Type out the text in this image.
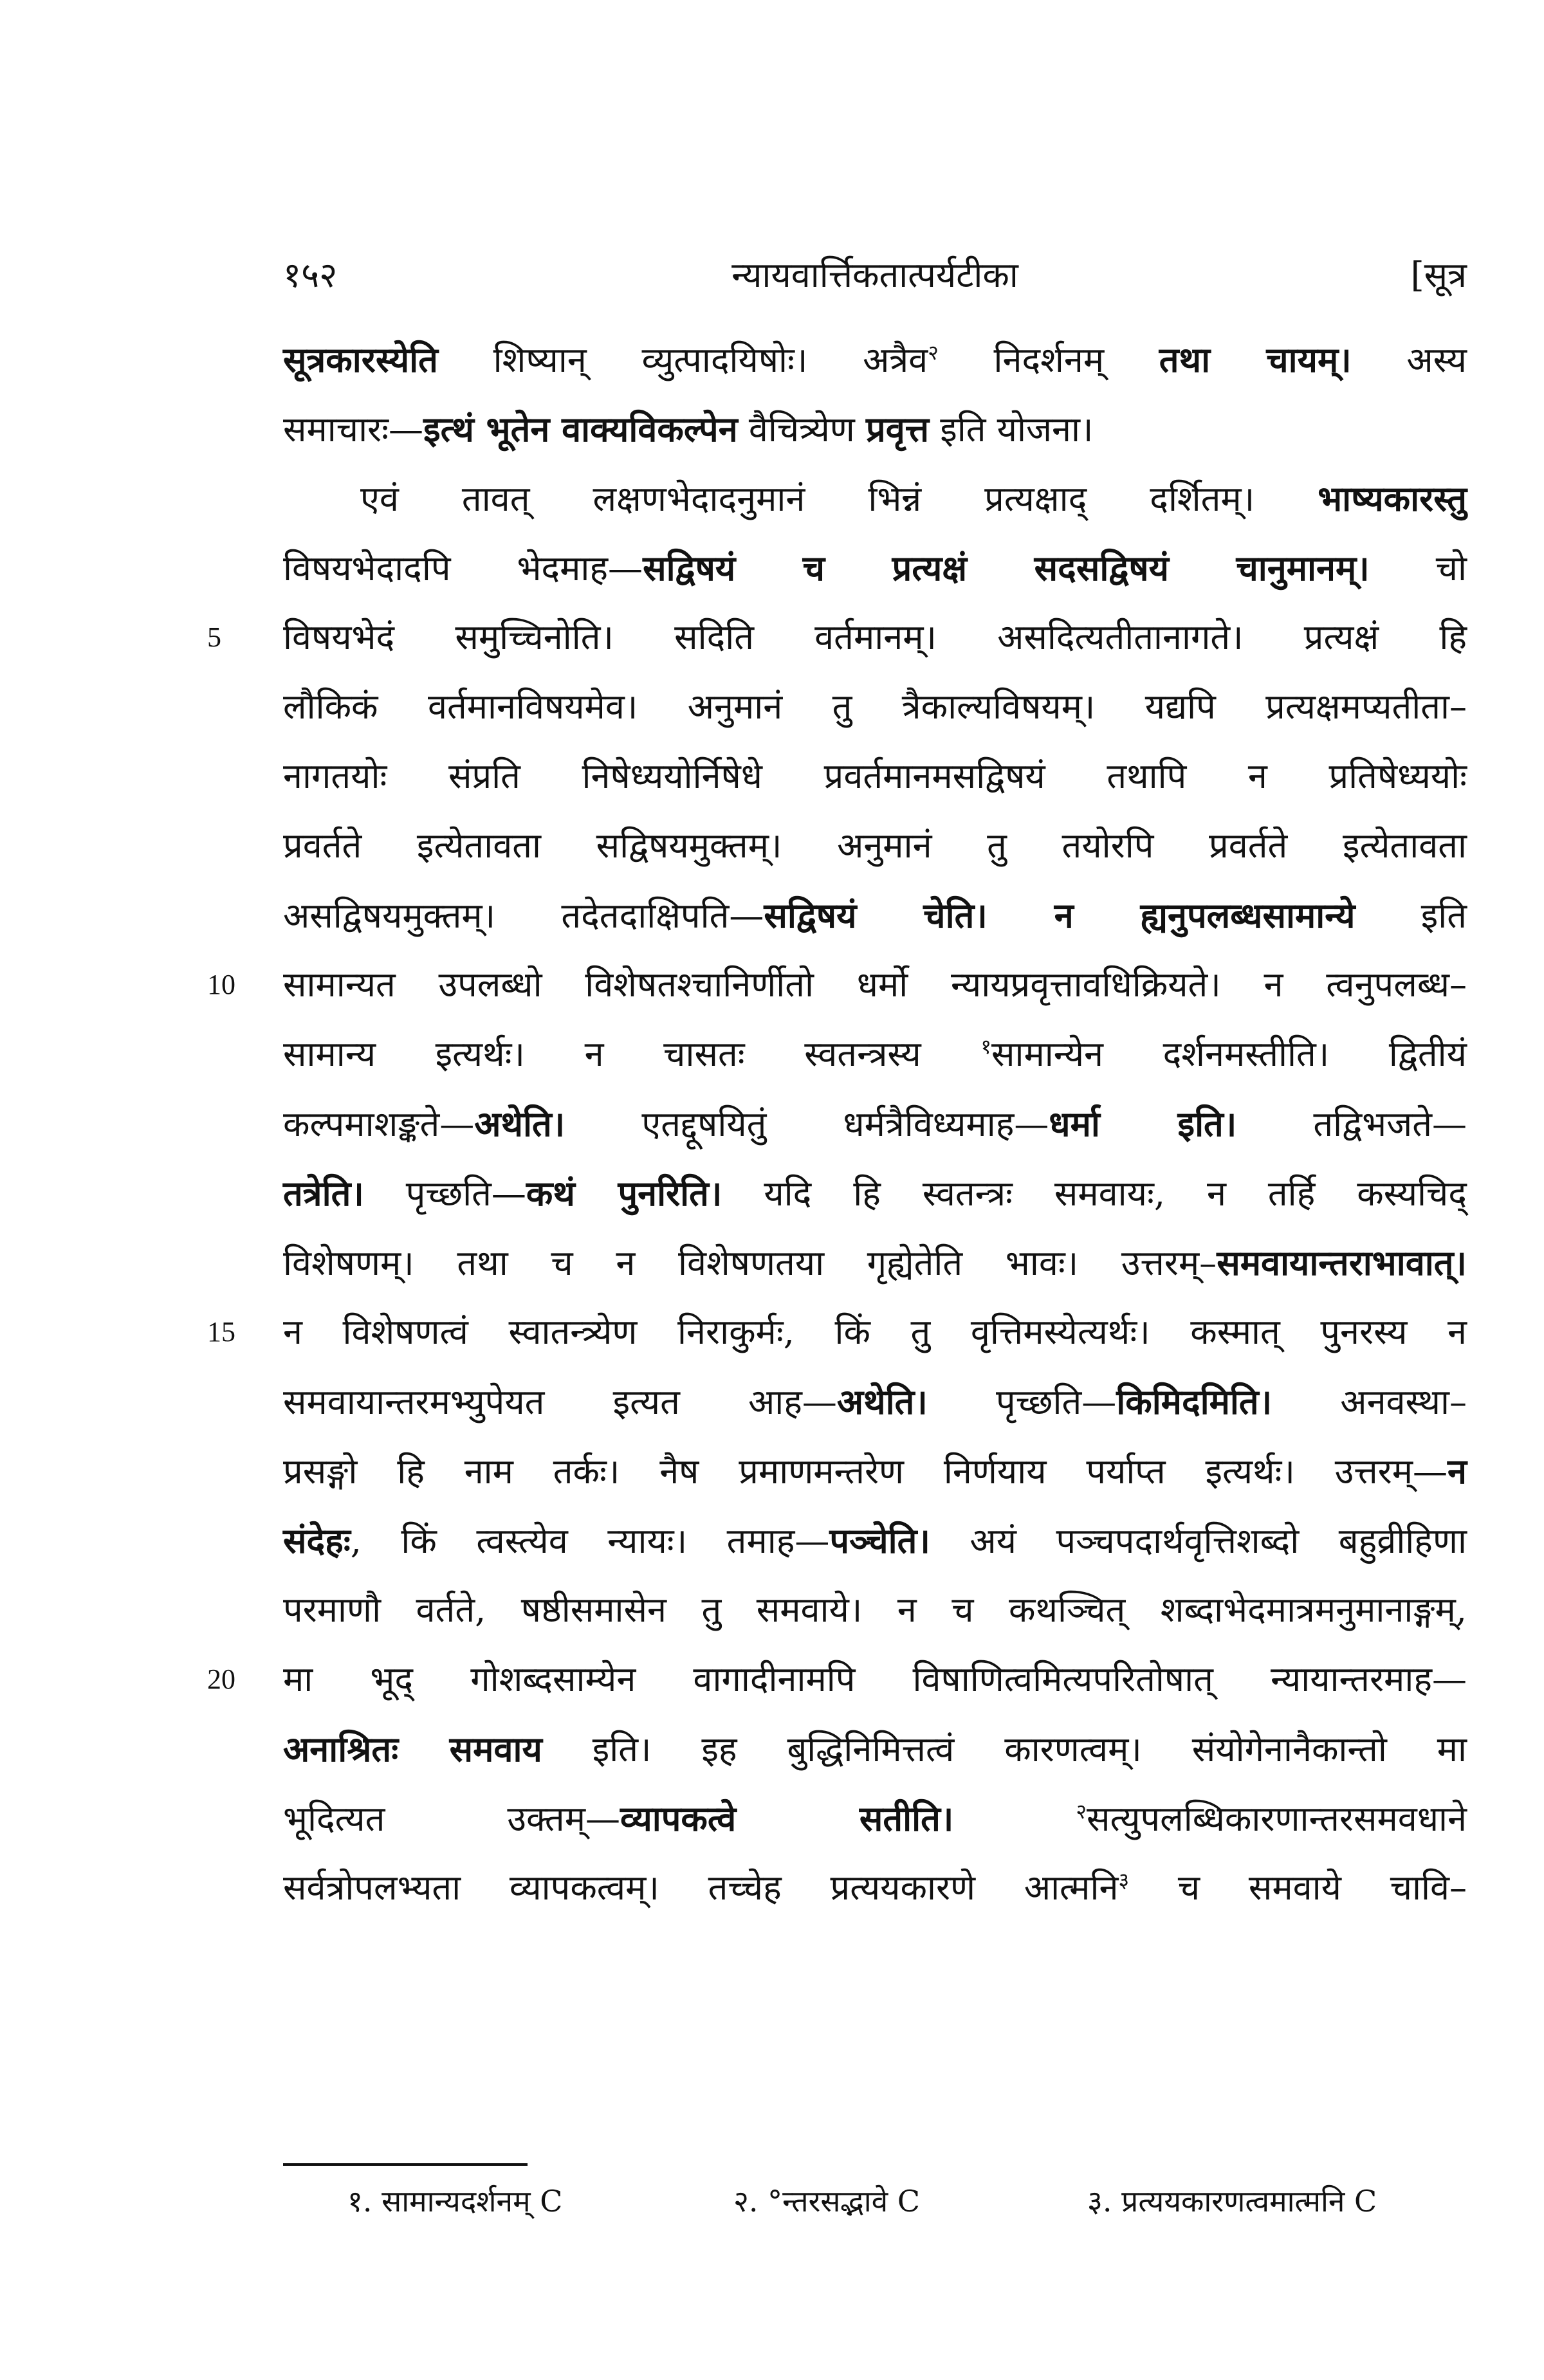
१५२	न्यायवार्त्तिकतात्पर्यटीका	[सूत्र
सूत्रकारस्येति शिष्यान् व्युत्पादयिषोः। अत्रैव$^२$ निदर्शनम् तथा चायम्। अस्य
समाचारः—इत्थं भूतेन वाक्यविकल्पेन वैचित्र्येण प्रवृत्त इति योजना।
एवं तावत् लक्षणभेदादनुमानं भिन्नं प्रत्यक्षाद् दर्शितम्। भाष्यकारस्तु
विषयभेदादपि भेदमाह—सद्विषयं च प्रत्यक्षं सदसद्विषयं चानुमानम्। चो
5	विषयभेदं समुच्चिनोति। सदिति वर्तमानम्। असदित्यतीतानागते। प्रत्यक्षं हि
लौकिकं वर्तमानविषयमेव। अनुमानं तु त्रैकाल्यविषयम्। यद्यपि प्रत्यक्षमप्यतीता–
नागतयोः संप्रति निषेध्ययोर्निषेधे प्रवर्तमानमसद्विषयं तथापि न प्रतिषेध्ययोः
प्रवर्तते इत्येतावता सद्विषयमुक्तम्। अनुमानं तु तयोरपि प्रवर्तते इत्येतावता
असद्विषयमुक्तम्। तदेतदाक्षिपति—सद्विषयं चेति। न ह्यनुपलब्धसामान्ये इति
10	सामान्यत उपलब्धो विशेषतश्चानिर्णीतो धर्मो न्यायप्रवृत्तावधिक्रियते। न त्वनुपलब्ध–
सामान्य इत्यर्थः। न चासतः स्वतन्त्रस्य $^१$सामान्येन दर्शनमस्तीति। द्वितीयं
कल्पमाशङ्कते—अथेति। एतद्दूषयितुं धर्मत्रैविध्यमाह—धर्मा इति। तद्विभजते—
तत्रेति। पृच्छति—कथं पुनरिति। यदि हि स्वतन्त्रः समवायः, न तर्हि कस्यचिद्
विशेषणम्। तथा च न विशेषणतया गृह्येतेति भावः। उत्तरम्–समवायान्तराभावात्।
15	न विशेषणत्वं स्वातन्त्र्येण निराकुर्मः, किं तु वृत्तिमस्येत्यर्थः। कस्मात् पुनरस्य न
समवायान्तरमभ्युपेयत इत्यत आह—अथेति। पृच्छति—किमिदमिति। अनवस्था–
प्रसङ्गो हि नाम तर्कः। नैष प्रमाणमन्तरेण निर्णयाय पर्याप्त इत्यर्थः। उत्तरम्—न
संदेहः, किं त्वस्त्येव न्यायः। तमाह—पञ्चेति। अयं पञ्चपदार्थवृत्तिशब्दो बहुव्रीहिणा
परमाणौ वर्तते, षष्ठीसमासेन तु समवाये। न च कथञ्चित् शब्दाभेदमात्रमनुमानाङ्गम्,
20	मा भूद् गोशब्दसाम्येन वागादीनामपि विषाणित्वमित्यपरितोषात् न्यायान्तरमाह—
अनाश्रितः समवाय इति। इह बुद्धिनिमित्तत्वं कारणत्वम्। संयोगेनानैकान्तो मा
भूदित्यत उक्तम्—व्यापकत्वे सतीति।	$^२$सत्युपलब्धिकारणान्तरसमवधाने
सर्वत्रोपलभ्यता व्यापकत्वम्। तच्चेह प्रत्ययकारणे आत्मनि$^३$ च समवाये चावि–
१. सामान्यदर्शनम् C	२. °न्तरसद्भावे C	३. प्रत्ययकारणत्वमात्मनि C
